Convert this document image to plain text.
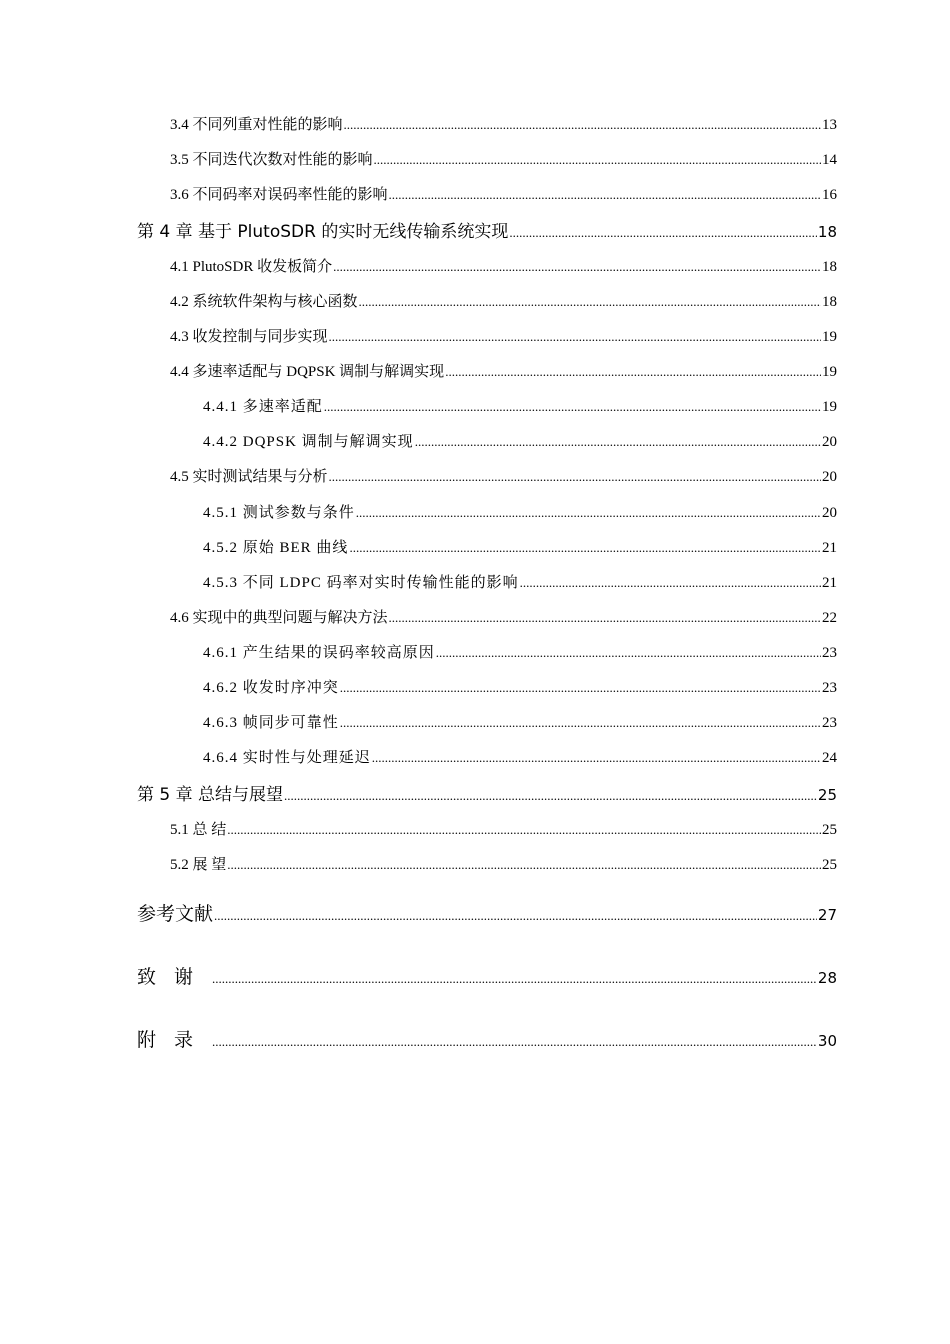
3.4 不同列重对性能的影响 .....	13
3.5 不同迭代次数对性能的影响 .....	14
3.6 不同码率对误码率性能的影响 .....	16
第 4 章 基于 PlutoSDR 的实时无线传输系统实现 .....	18
4.1 PlutoSDR 收发板简介 .....	18
4.2 系统软件架构与核心函数 .....	18
4.3 收发控制与同步实现 .....	19
4.4 多速率适配与 DQPSK 调制与解调实现 .....	19
4.4.1 多速率适配 .....	19
4.4.2 DQPSK 调制与解调实现 .....	20
4.5 实时测试结果与分析 .....	20
4.5.1 测试参数与条件 .....	20
4.5.2 原始 BER 曲线 .....	21
4.5.3 不同 LDPC 码率对实时传输性能的影响 .....	21
4.6 实现中的典型问题与解决方法 .....	22
4.6.1 产生结果的误码率较高原因 .....	23
4.6.2 收发时序冲突 .....	23
4.6.3 帧同步可靠性 .....	23
4.6.4 实时性与处理延迟 .....	24
第 5 章 总结与展望 .....	25
5.1 总 结 .....	25
5.2 展 望 .....	25
参考文献 .....	27
致谢 .....	28
附录 .....	30
